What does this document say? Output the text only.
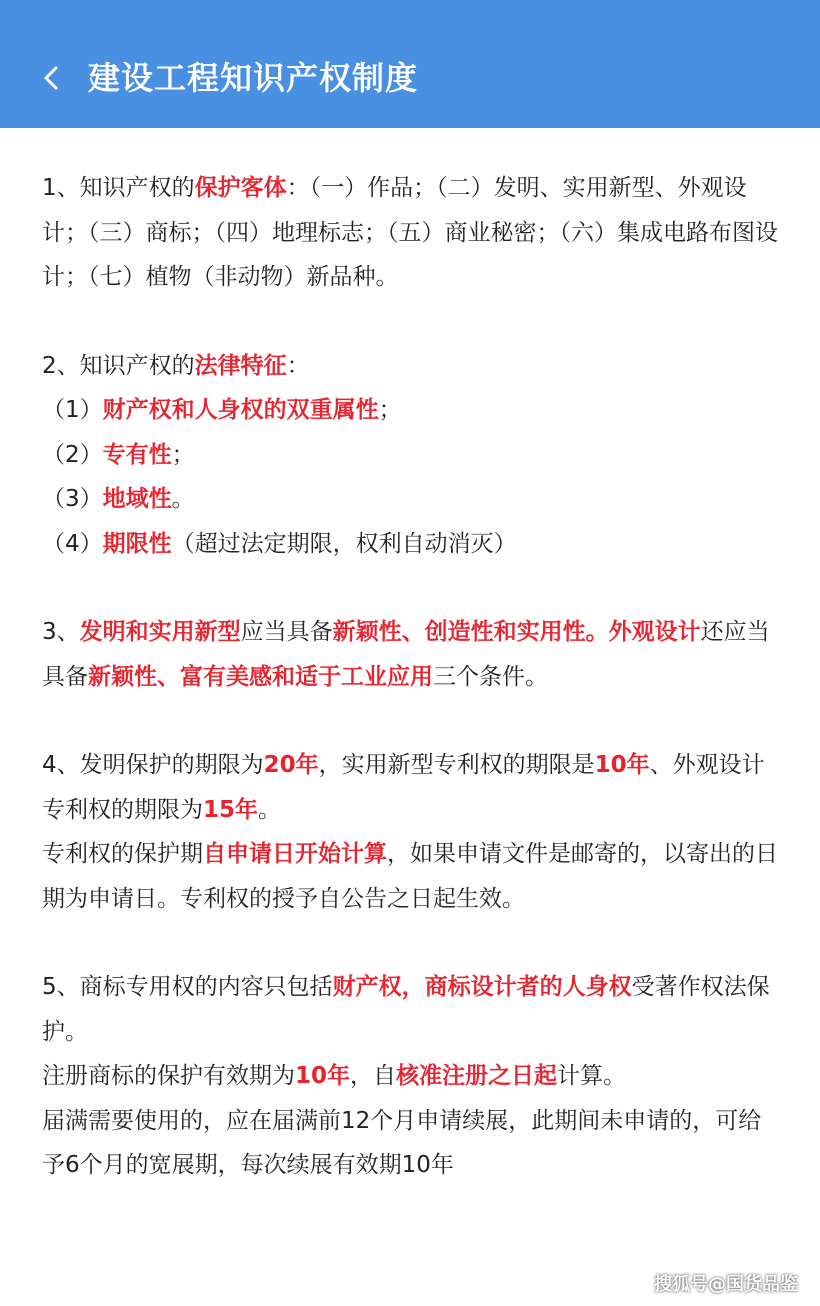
建设工程知识产权制度

1、知识产权的保护客体：（一）作品；（二）发明、实用新型、外观设计；（三）商标；（四）地理标志；（五）商业秘密；（六）集成电路布图设计；（七）植物（非动物）新品种。

2、知识产权的法律特征：

（1）财产权和人身权的双重属性；

（2）专有性；

（3）地域性。

（4）期限性（超过法定期限，权利自动消灭）

3、发明和实用新型应当具备新颖性、创造性和实用性。外观设计还应当具备新颖性、富有美感和适于工业应用三个条件。

4、发明保护的期限为20年，实用新型专利权的期限是10年、外观设计专利权的期限为15年。

专利权的保护期自申请日开始计算，如果申请文件是邮寄的，以寄出的日期为申请日。专利权的授予自公告之日起生效。

5、商标专用权的内容只包括财产权，商标设计者的人身权受著作权法保护。

注册商标的保护有效期为10年，自核准注册之日起计算。

届满需要使用的，应在届满前12个月申请续展，此期间未申请的，可给予6个月的宽展期，每次续展有效期10年

搜狐号@国货品鉴
